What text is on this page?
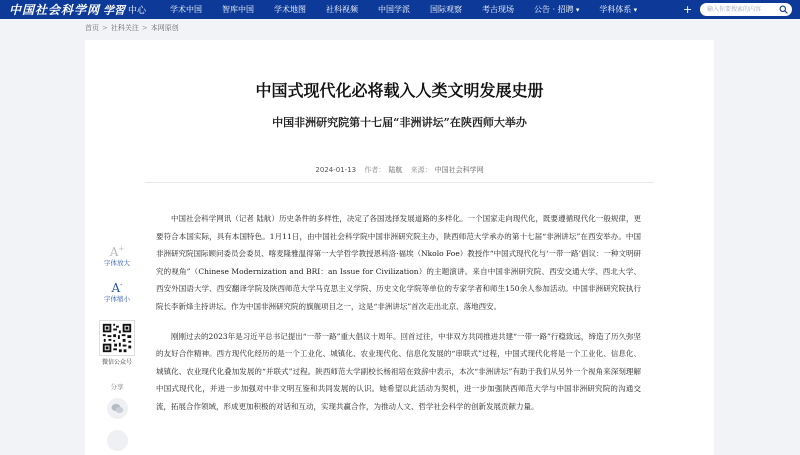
中国社会科学网 学習 中心	学术中国	智库中国	学术地图	社科视频	中国学派	国际观察	考古现场	公告 · 招聘 ▾	学科体系 ▾	+
输入你要搜索的内容
首页 > 社科关注 > 本网原创
中国式现代化必将载入人类文明发展史册
中国非洲研究院第十七届“非洲讲坛”在陕西师大举办
2024-01-13 作者： 陆航 来源： 中国社会科学网

中国社会科学网讯（记者 陆航）历史条件的多样性，决定了各国选择发展道路的多样化。一个国家走向现代化，既要遵循现代化一般规律，更要符合本国实际，具有本国特色。1月11日，由中国社会科学院中国非洲研究院主办，陕西师范大学承办的第十七届“非洲讲坛”在西安举办。中国非洲研究院国际顾问委员会委员、喀麦隆雅温得第一大学哲学教授恩科洛·福埃（Nkolo Foe）教授作“中国式现代化与‘一带一路’倡议：一种文明研究的视角”（Chinese Modernization and BRI：an Issue for Civilization）的主题演讲。来自中国非洲研究院、西安交通大学、西北大学、西安外国语大学、西安翻译学院及陕西师范大学马克思主义学院、历史文化学院等单位的专家学者和师生150余人参加活动。中国非洲研究院执行院长李新烽主持讲坛。作为中国非洲研究院的旗舰项目之一，这是“非洲讲坛”首次走出北京、落地西安。

刚刚过去的2023年是习近平总书记提出“一带一路”重大倡议十周年。回首过往，中非双方共同推进共建“一带一路”行稳致远，缔造了历久弥坚的友好合作精神。西方现代化经历的是一个工业化、城镇化、农业现代化、信息化发展的“串联式”过程，中国式现代化将是一个工业化、信息化、城镇化、农业现代化叠加发展的“并联式”过程。陕西师范大学副校长杨祖培在致辞中表示，本次“非洲讲坛”有助于我们从另外一个视角来深刻理解中国式现代化，并进一步加强对中非文明互鉴和共同发展的认识。她希望以此活动为契机，进一步加强陕西师范大学与中国非洲研究院的沟通交流，拓展合作领域，形成更加积极的对话和互动，实现共赢合作，为推动人文、哲学社会科学的创新发展贡献力量。

A+
字体放大
A-
字体缩小
微信公众号
分享
